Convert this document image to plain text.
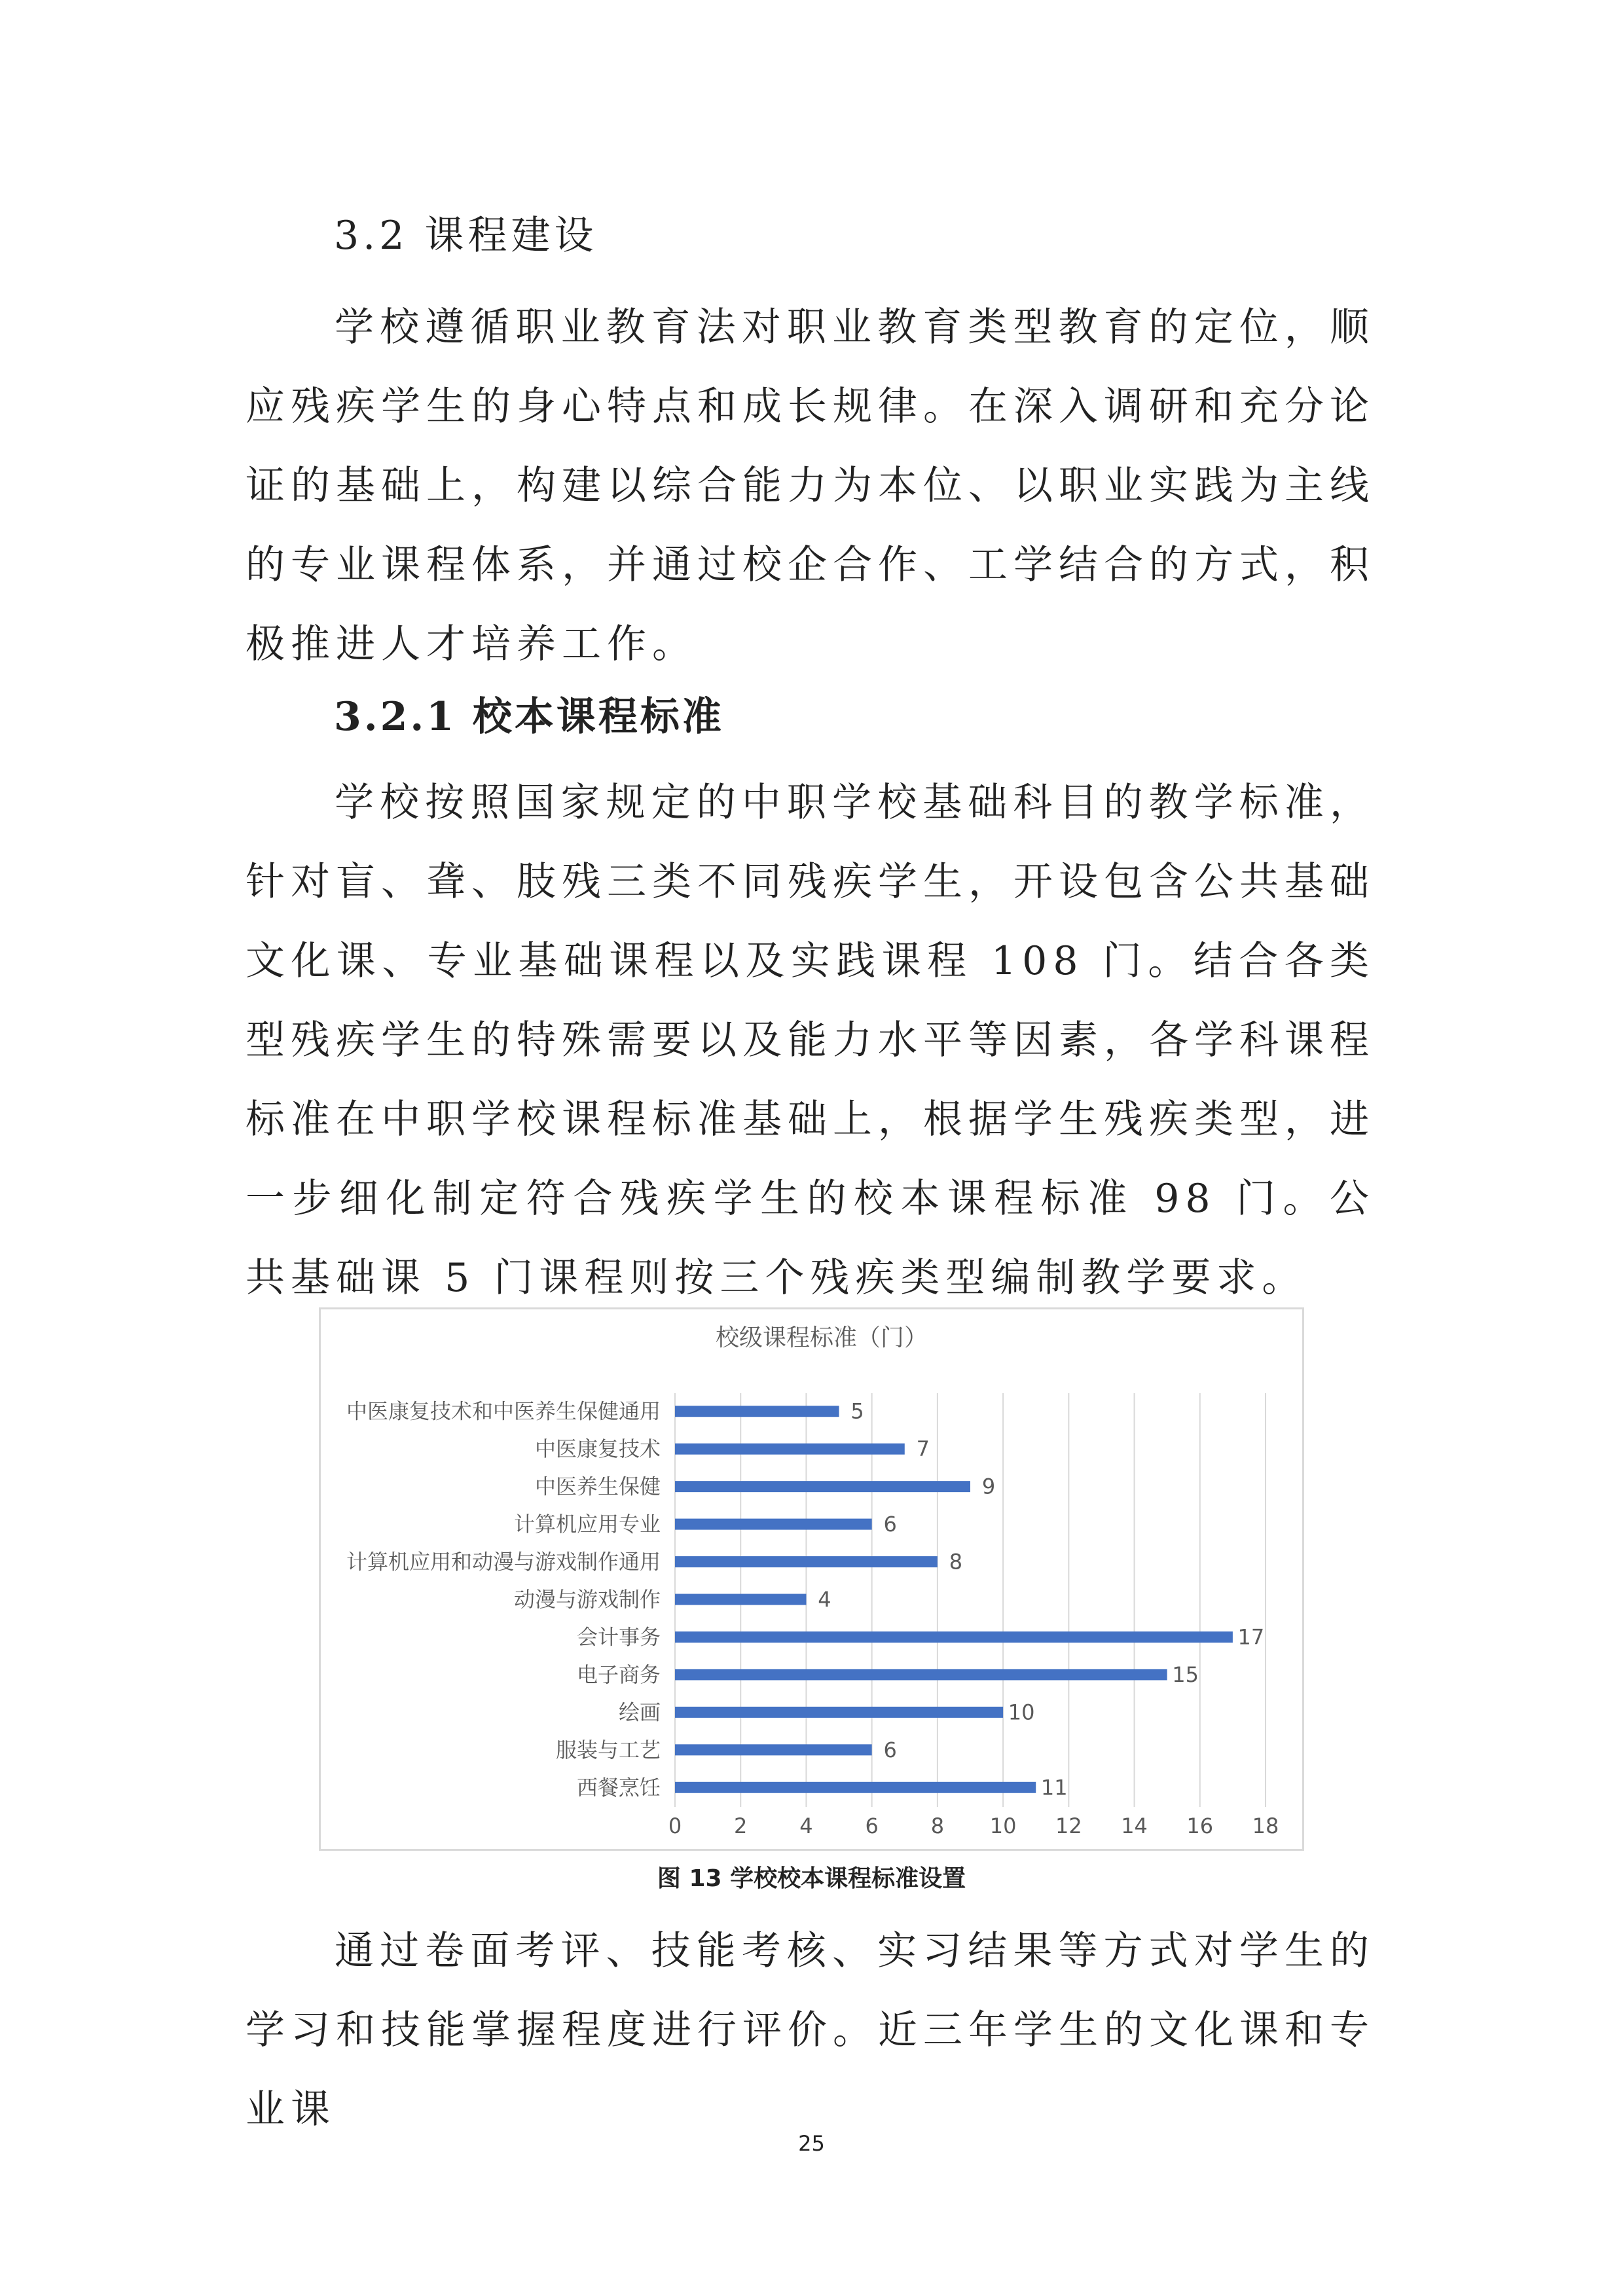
3.2 课程建设

学校遵循职业教育法对职业教育类型教育的定位，顺应残疾学生的身心特点和成长规律。在深入调研和充分论证的基础上，构建以综合能力为本位、以职业实践为主线的专业课程体系，并通过校企合作、工学结合的方式，积极推进人才培养工作。

3.2.1 校本课程标准

学校按照国家规定的中职学校基础科目的教学标准，针对盲、聋、肢残三类不同残疾学生，开设包含公共基础文化课、专业基础课程以及实践课程 108 门。结合各类型残疾学生的特殊需要以及能力水平等因素，各学科课程标准在中职学校课程标准基础上，根据学生残疾类型，进一步细化制定符合残疾学生的校本课程标准 98 门。公共基础课 5 门课程则按三个残疾类型编制教学要求。

校级课程标准（门）
0 2 4 6 8 10 12 14 16 18
中医康复技术和中医养生保健通用	5
中医康复技术	7
中医养生保健	9
计算机应用专业	6
计算机应用和动漫与游戏制作通用	8
动漫与游戏制作	4
会计事务	17
电子商务	15
绘画	10
服装与工艺	6
西餐烹饪	11
图 13 学校校本课程标准设置

通过卷面考评、技能考核、实习结果等方式对学生的学习和技能掌握程度进行评价。近三年学生的文化课和专业课

25
